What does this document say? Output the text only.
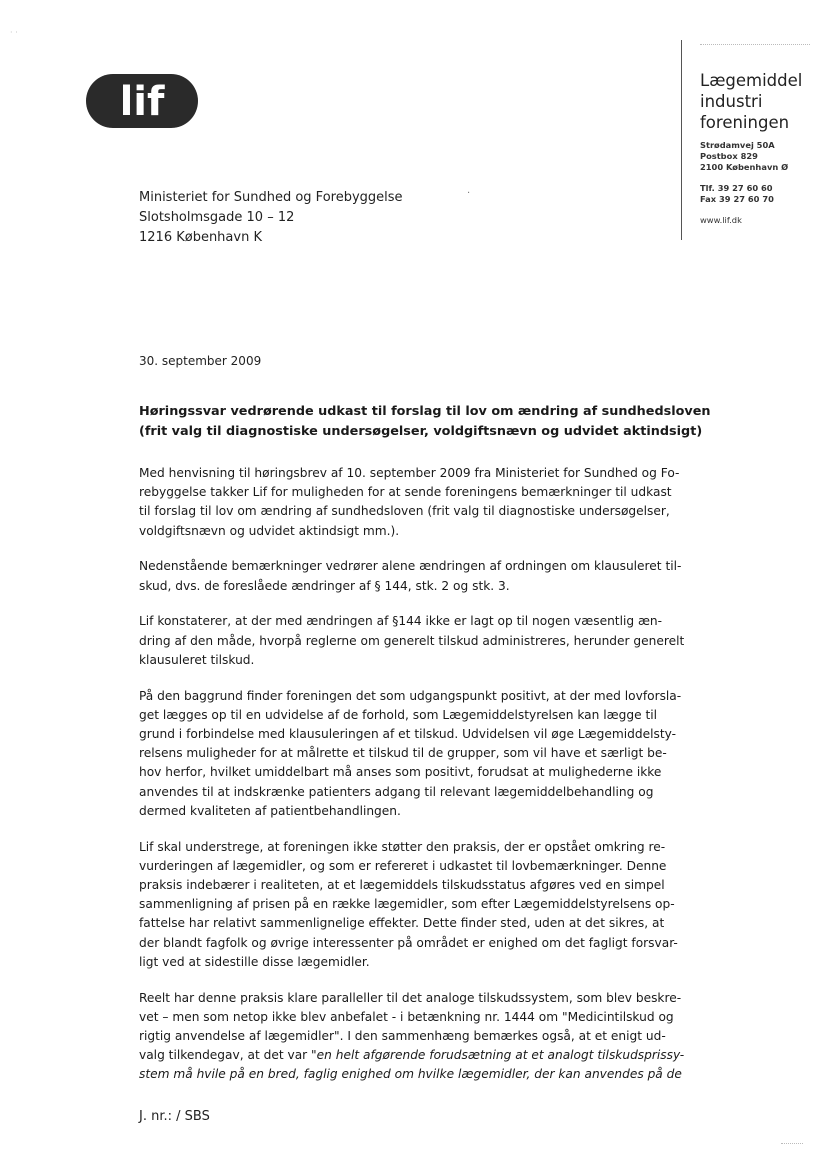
· ·
lif	Lægemiddel
industri
foreningen
Strødamvej 50A
Postbox 829
2100 København Ø
Tlf. 39 27 60 60
Fax 39 27 60 70
www.lif.dk
Ministeriet for Sundhed og Forebyggelse
Slotsholmsgade 10 – 12
1216 København K
·
30. september 2009
Høringssvar vedrørende udkast til forslag til lov om ændring af sundhedsloven
(frit valg til diagnostiske undersøgelser, voldgiftsnævn og udvidet aktindsigt)
Med henvisning til høringsbrev af 10. september 2009 fra Ministeriet for Sundhed og Fo-
rebyggelse takker Lif for muligheden for at sende foreningens bemærkninger til udkast
til forslag til lov om ændring af sundhedsloven (frit valg til diagnostiske undersøgelser,
voldgiftsnævn og udvidet aktindsigt mm.).
Nedenstående bemærkninger vedrører alene ændringen af ordningen om klausuleret til-
skud, dvs. de foreslåede ændringer af § 144, stk. 2 og stk. 3.
Lif konstaterer, at der med ændringen af §144 ikke er lagt op til nogen væsentlig æn-
dring af den måde, hvorpå reglerne om generelt tilskud administreres, herunder generelt
klausuleret tilskud.
På den baggrund finder foreningen det som udgangspunkt positivt, at der med lovforsla-
get lægges op til en udvidelse af de forhold, som Lægemiddelstyrelsen kan lægge til
grund i forbindelse med klausuleringen af et tilskud. Udvidelsen vil øge Lægemiddelsty-
relsens muligheder for at målrette et tilskud til de grupper, som vil have et særligt be-
hov herfor, hvilket umiddelbart må anses som positivt, forudsat at mulighederne ikke
anvendes til at indskrænke patienters adgang til relevant lægemiddelbehandling og
dermed kvaliteten af patientbehandlingen.
Lif skal understrege, at foreningen ikke støtter den praksis, der er opstået omkring re-
vurderingen af lægemidler, og som er refereret i udkastet til lovbemærkninger. Denne
praksis indebærer i realiteten, at et lægemiddels tilskudsstatus afgøres ved en simpel
sammenligning af prisen på en række lægemidler, som efter Lægemiddelstyrelsens op-
fattelse har relativt sammenlignelige effekter. Dette finder sted, uden at det sikres, at
der blandt fagfolk og øvrige interessenter på området er enighed om det fagligt forsvar-
ligt ved at sidestille disse lægemidler.
Reelt har denne praksis klare paralleller til det analoge tilskudssystem, som blev beskre-
vet – men som netop ikke blev anbefalet - i betænkning nr. 1444 om "Medicintilskud og
rigtig anvendelse af lægemidler". I den sammenhæng bemærkes også, at et enigt ud-
valg tilkendegav, at det var "en helt afgørende forudsætning at et analogt tilskudsprissy-
stem må hvile på en bred, faglig enighed om hvilke lægemidler, der kan anvendes på de
J. nr.: / SBS
